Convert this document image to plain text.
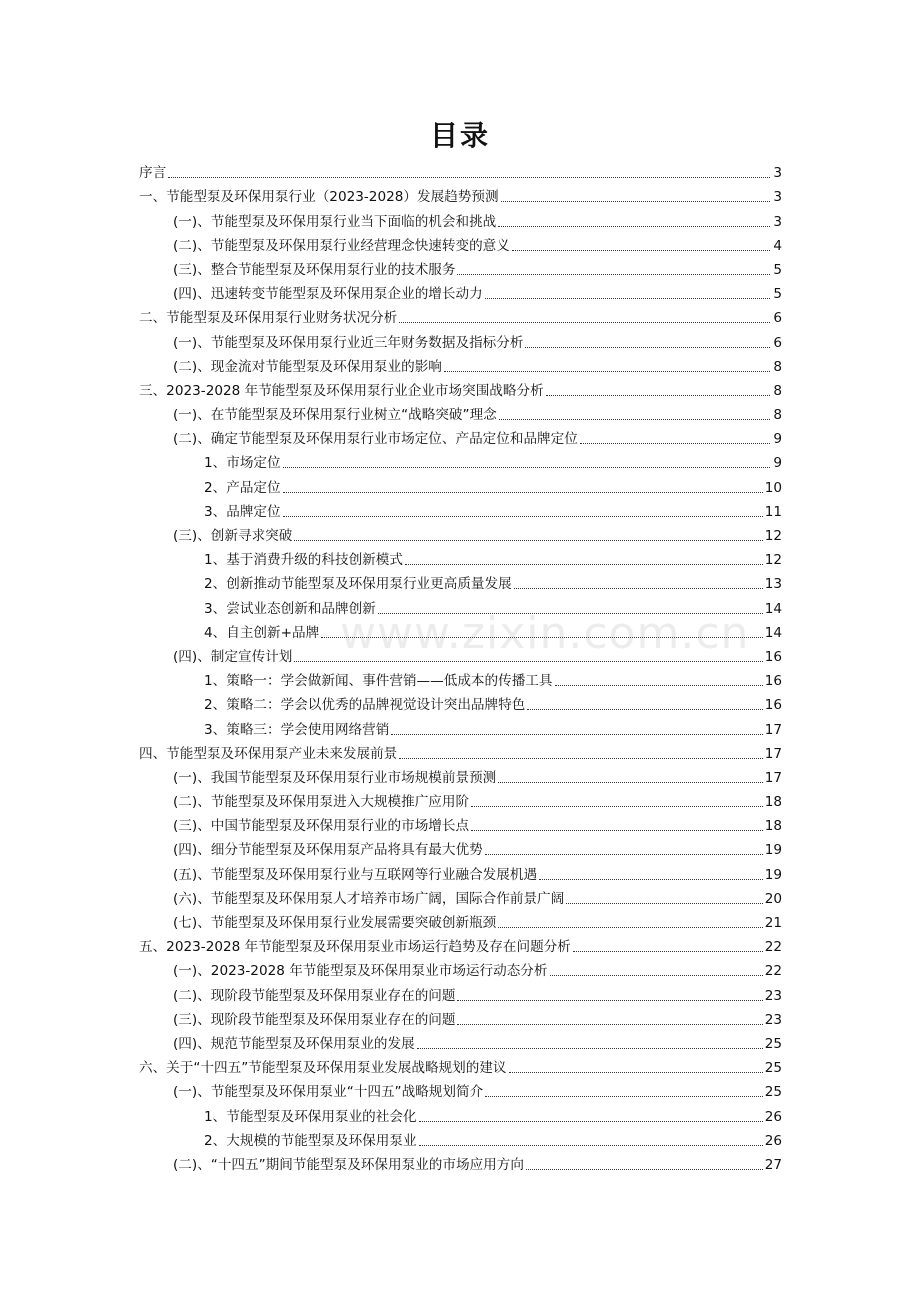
目录
序言	3
一、节能型泵及环保用泵行业（2023-2028）发展趋势预测	3
(一)、节能型泵及环保用泵行业当下面临的机会和挑战	3
(二)、节能型泵及环保用泵行业经营理念快速转变的意义	4
(三)、整合节能型泵及环保用泵行业的技术服务	5
(四)、迅速转变节能型泵及环保用泵企业的增长动力	5
二、节能型泵及环保用泵行业财务状况分析	6
(一)、节能型泵及环保用泵行业近三年财务数据及指标分析	6
(二)、现金流对节能型泵及环保用泵业的影响	8
三、2023-2028 年节能型泵及环保用泵行业企业市场突围战略分析	8
(一)、在节能型泵及环保用泵行业树立“战略突破”理念	8
(二)、确定节能型泵及环保用泵行业市场定位、产品定位和品牌定位	9
1、市场定位	9
2、产品定位	10
3、品牌定位	11
(三)、创新寻求突破	12
1、基于消费升级的科技创新模式	12
2、创新推动节能型泵及环保用泵行业更高质量发展	13
3、尝试业态创新和品牌创新	14
4、自主创新+品牌	14
(四)、制定宣传计划	16
1、策略一：学会做新闻、事件营销——低成本的传播工具	16
2、策略二：学会以优秀的品牌视觉设计突出品牌特色	16
3、策略三：学会使用网络营销	17
四、节能型泵及环保用泵产业未来发展前景	17
(一)、我国节能型泵及环保用泵行业市场规模前景预测	17
(二)、节能型泵及环保用泵进入大规模推广应用阶	18
(三)、中国节能型泵及环保用泵行业的市场增长点	18
(四)、细分节能型泵及环保用泵产品将具有最大优势	19
(五)、节能型泵及环保用泵行业与互联网等行业融合发展机遇	19
(六)、节能型泵及环保用泵人才培养市场广阔，国际合作前景广阔	20
(七)、节能型泵及环保用泵行业发展需要突破创新瓶颈	21
五、2023-2028 年节能型泵及环保用泵业市场运行趋势及存在问题分析	22
(一)、2023-2028 年节能型泵及环保用泵业市场运行动态分析	22
(二)、现阶段节能型泵及环保用泵业存在的问题	23
(三)、现阶段节能型泵及环保用泵业存在的问题	23
(四)、规范节能型泵及环保用泵业的发展	25
六、关于“十四五”节能型泵及环保用泵业发展战略规划的建议	25
(一)、节能型泵及环保用泵业“十四五”战略规划简介	25
1、节能型泵及环保用泵业的社会化	26
2、大规模的节能型泵及环保用泵业	26
(二)、“十四五”期间节能型泵及环保用泵业的市场应用方向	27
www.zixin.com.cn
